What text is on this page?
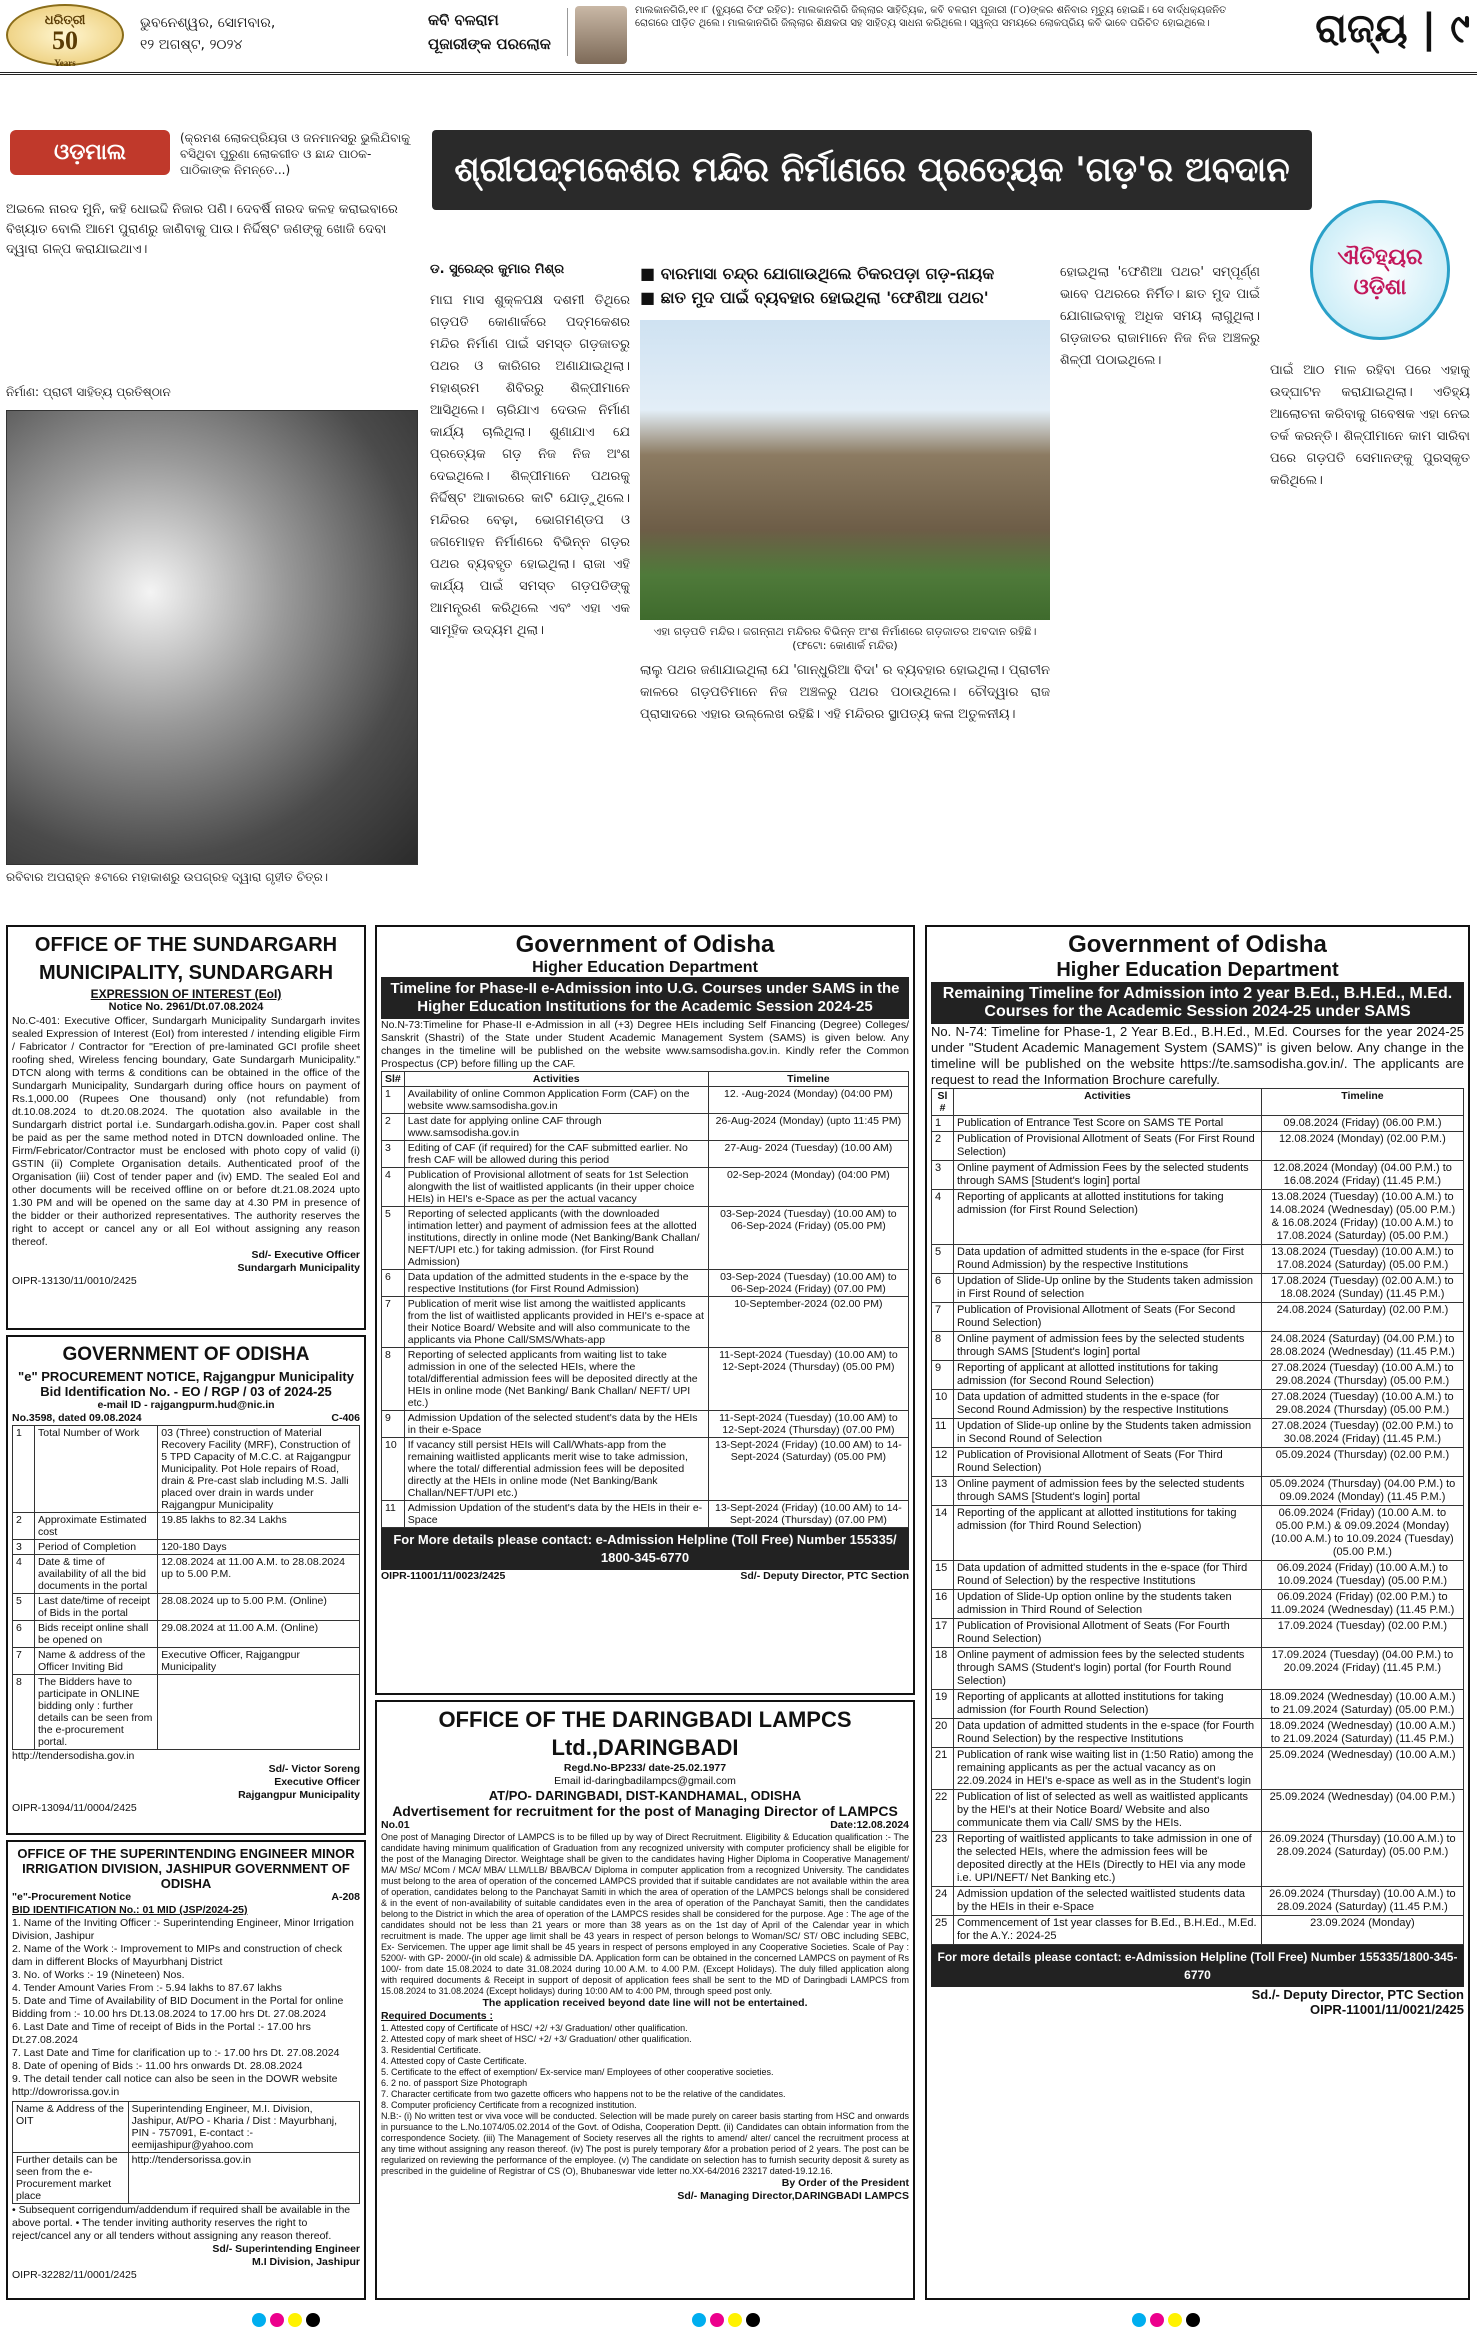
ଧରିତ୍ରୀ
50
Years
ଭୁବନେଶ୍ୱର, ସୋମବାର,
୧୨ ଅଗଷ୍ଟ, ୨୦୨୪
କବି ବଳରାମ ପୂଜାରୀଙ୍କ ପରଲୋକ
ମାଲକାନଗିରି,୧୧।୮ (ବ୍ୟୁରୋ ଚିଫ ରହିତ): ମାଲକାନଗିରି ଜିଲ୍ଲାର ସାହିତ୍ୟିକ, କବି ବଳରାମ ପୂଜାରୀ (୮୦)ଙ୍କର ଶନିବାର ମୃତ୍ୟୁ ହୋଇଛି। ସେ ବାର୍ଦ୍ଧକ୍ୟଜନିତ ରୋଗରେ ପୀଡ଼ିତ ଥିଲେ। ମାଲକାନଗିରି ଜିଲ୍ଲାର ଶିକ୍ଷକତା ସହ ସାହିତ୍ୟ ସାଧନା କରିଥିଲେ। ସ୍ୱଳ୍ପ ସମୟରେ ଲୋକପ୍ରିୟ କବି ଭାବେ ପରିଚିତ ହୋଇଥିଲେ।	ରାଜ୍ୟ | ୯
ଓଡ଼ମାଲ
(କ୍ରମଶ ଲୋକପ୍ରିୟତା ଓ ଜନମାନସରୁ ଭୁଲିଯିବାକୁ ବସିଥିବା ପୁରୁଣା ଲୋକଗୀତ ଓ ଛାନ୍ଦ ପାଠକ-ପାଠିକାଙ୍କ ନିମନ୍ତେ...)
ଅଇଲେ ନାରଦ ମୁନି, କହି ଧୋଇଦ୍ଦି ନିଜାର ପଣି। ଦେବର୍ଷି ନାରଦ କଳହ କରାଇବାରେ ବିଖ୍ୟାତ ବୋଲି ଆମେ ପୁରାଣରୁ ଜାଣିବାକୁ ପାଉ। ନିର୍ଦ୍ଦିଷ୍ଟ ଜଣଙ୍କୁ ଖୋଜି ଦେବା ଦ୍ୱାରା ଗଳ୍ପ କରାଯାଇଥାଏ।
ନିର୍ମାଣ: ପ୍ରାଚୀ ସାହିତ୍ୟ ପ୍ରତିଷ୍ଠାନ
ରବିବାର ଅପରାହ୍ନ ୫ଟାରେ ମହାକାଶରୁ ଉପଗ୍ରହ ଦ୍ୱାରା ଗୃହୀତ ଚିତ୍ର।
ଶ୍ରୀପଦ୍ମକେଶର ମନ୍ଦିର ନିର୍ମାଣରେ ପ୍ରତ୍ୟେକ 'ଗଡ଼'ର ଅବଦାନ ଥିଲା	ଐତିହ୍ୟର ଓଡ଼ିଶା
ଡ. ସୁରେନ୍ଦ୍ର କୁମାର ମିଶ୍ର	■ ବାରମାସା ଚନ୍ଦ୍ର ଯୋଗାଉଥିଲେ ଚିକରପଡ଼ା ଗଡ଼-ନାୟକ
■ ଛାତ ମୁଦ ପାଇଁ ବ୍ୟବହାର ହୋଇଥିଲା 'ଫେଣିଆ ପଥର'
ଏହା ଗଡ଼ପତି ମନ୍ଦିର। ଜଗନ୍ନାଥ ମନ୍ଦିରର ବିଭିନ୍ନ ଅଂଶ ନିର୍ମାଣରେ ଗଡ଼ଜାତର ଅବଦାନ ରହିଛି। (ଫଟୋ: କୋଣାର୍କ ମନ୍ଦିର)
ମାଘ ମାସ ଶୁକ୍ଳପକ୍ଷ ଦଶମୀ ତିଥିରେ ଗଡ଼ପତି କୋଣାର୍କରେ ପଦ୍ମକେଶର ମନ୍ଦିର ନିର୍ମାଣ ପାଇଁ ସମସ୍ତ ଗଡ଼ଜାତରୁ ପଥର ଓ କାରିଗର ଅଣାଯାଇଥିଲା। ମହାଶ୍ରମ ଶିବିରରୁ ଶିଳ୍ପୀମାନେ ଆସିଥିଲେ। ଚାରିଯାଏ ଦେଉଳ ନିର୍ମାଣ କାର୍ଯ୍ୟ ଚାଲିଥିଲା। ଶୁଣାଯାଏ ଯେ ପ୍ରତ୍ୟେକ ଗଡ଼ ନିଜ ନିଜ ଅଂଶ ଦେଇଥିଲେ। ଶିଳ୍ପୀମାନେ ପଥରକୁ ନିର୍ଦ୍ଦିଷ୍ଟ ଆକାରରେ କାଟି ଯୋଡ଼ୁଥିଲେ। ମନ୍ଦିରର ବେଢ଼ା, ଭୋଗମଣ୍ଡପ ଓ ଜଗମୋହନ ନିର୍ମାଣରେ ବିଭିନ୍ନ ଗଡ଼ର ପଥର ବ୍ୟବହୃତ ହୋଇଥିଲା। ରାଜା ଏହି କାର୍ଯ୍ୟ ପାଇଁ ସମସ୍ତ ଗଡ଼ପତିଙ୍କୁ ଆମନ୍ତ୍ରଣ କରିଥିଲେ ଏବଂ ଏହା ଏକ ସାମୂହିକ ଉଦ୍ୟମ ଥିଲା।
ଲାଲୁ ପଥର ଜଣାଯାଇଥିଲା ଯେ 'ଗାନ୍ଧୁରିଆ ବିଦା' ର ବ୍ୟବହାର ହୋଇଥିଲା। ପ୍ରାଚୀନ କାଳରେ ଗଡ଼ପତିମାନେ ନିଜ ଅଞ୍ଚଳରୁ ପଥର ପଠାଉଥିଲେ। ଚୌଦ୍ୱାର ରାଜ ପ୍ରାସାଦରେ ଏହାର ଉଲ୍ଲେଖ ରହିଛି। ଏହି ମନ୍ଦିରର ସ୍ଥାପତ୍ୟ କଳା ଅତୁଳନୀୟ।
ହୋଇଥିଲା 'ଫେଣିଆ ପଥର' ସମ୍ପୂର୍ଣ୍ଣ ଭାବେ ପଥରରେ ନିର୍ମିତ। ଛାତ ମୁଦ ପାଇଁ ଯୋଗାଇବାକୁ ଅଧିକ ସମୟ ଲାଗୁଥିଲା। ଗଡ଼ଜାତର ରାଜାମାନେ ନିଜ ନିଜ ଅଞ୍ଚଳରୁ ଶିଳ୍ପୀ ପଠାଇଥିଲେ।
ପାଇଁ ଆଠ ମାଳ ରହିବା ପରେ ଏହାକୁ ଉଦ୍‌ଘାଟନ କରାଯାଇଥିଲା। ଏତିହ୍ୟ ଆଲୋଚନା କରିବାକୁ ଗବେଷକ ଏହା ନେଇ ତର୍କ କରନ୍ତି। ଶିଳ୍ପୀମାନେ କାମ ସାରିବା ପରେ ଗଡ଼ପତି ସେମାନଙ୍କୁ ପୁରସ୍କୃତ କରିଥିଲେ।
OFFICE OF THE SUNDARGARH MUNICIPALITY, SUNDARGARH
EXPRESSION OF INTEREST (EoI)
Notice No. 2961/Dt.07.08.2024
No.C-401: Executive Officer, Sundargarh Municipality Sundargarh invites sealed Expression of Interest (EoI) from interested / intending eligible Firm / Fabricator / Contractor for "Erection of pre-laminated GCI profile sheet roofing shed, Wireless fencing boundary, Gate Sundargarh Municipality." DTCN along with terms & conditions can be obtained in the office of the Sundargarh Municipality, Sundargarh during office hours on payment of Rs.1,000.00 (Rupees One thousand) only (not refundable) from dt.10.08.2024 to dt.20.08.2024. The quotation also available in the Sundargarh district portal i.e. Sundargarh.odisha.gov.in. Paper cost shall be paid as per the same method noted in DTCN downloaded online. The Firm/Febricator/Contractor must be enclosed with photo copy of valid (i) GSTIN (ii) Complete Organisation details. Authenticated proof of the Organisation (iii) Cost of tender paper and (iv) EMD. The sealed EoI and other documents will be received offline on or before dt.21.08.2024 upto 1.30 PM and will be opened on the same day at 4.30 PM in presence of the bidder or their authorized representatives. The authority reserves the right to accept or cancel any or all EoI without assigning any reason thereof.
Sd/- Executive Officer
Sundargarh Municipality
OIPR-13130/11/0010/2425
GOVERNMENT OF ODISHA
"e" PROCUREMENT NOTICE, Rajgangpur Municipality
Bid Identification No. - EO / RGP / 03 of 2024-25
e-mail ID - rajgangpurm.hud@nic.in
No.3598, dated 09.08.2024	C-406
1	Total Number of Work	03 (Three) construction of Material Recovery Facility (MRF), Construction of 5 TPD Capacity of M.C.C. at Rajgangpur Municipality. Pot Hole repairs of Road, drain & Pre-cast slab including M.S. Jalli placed over drain in wards under Rajgangpur Municipality
2	Approximate Estimated cost	19.85 lakhs to 82.34 Lakhs
3	Period of Completion	120-180 Days
4	Date & time of availability of all the bid documents in the portal	12.08.2024 at 11.00 A.M. to 28.08.2024 up to 5.00 P.M.
5	Last date/time of receipt of Bids in the portal	28.08.2024 up to 5.00 P.M. (Online)
6	Bids receipt online shall be opened on	29.08.2024 at 11.00 A.M. (Online)
7	Name & address of the Officer Inviting Bid	Executive Officer, Rajgangpur Municipality
8	The Bidders have to participate in ONLINE bidding only : further details can be seen from the e-procurement portal.	
http://tendersodisha.gov.in
Sd/- Victor Soreng
Executive Officer
Rajgangpur Municipality
OIPR-13094/11/0004/2425
OFFICE OF THE SUPERINTENDING ENGINEER MINOR IRRIGATION DIVISION, JASHIPUR GOVERNMENT OF ODISHA
"e"-Procurement Notice	A-208
BID IDENTIFICATION No.: 01 MID (JSP/2024-25)
1. Name of the Inviting Officer :- Superintending Engineer, Minor Irrigation Division, Jashipur
2. Name of the Work :- Improvement to MIPs and construction of check dam in different Blocks of Mayurbhanj District
3. No. of Works :- 19 (Nineteen) Nos.
4. Tender Amount Varies From :- 5.94 lakhs to 87.67 lakhs
5. Date and Time of Availability of BID Document in the Portal for online Bidding from :- 10.00 hrs Dt.13.08.2024 to 17.00 hrs Dt. 27.08.2024
6. Last Date and Time of receipt of Bids in the Portal :- 17.00 hrs Dt.27.08.2024
7. Last Date and Time for clarification up to :- 17.00 hrs Dt. 27.08.2024
8. Date of opening of Bids :- 11.00 hrs onwards Dt. 28.08.2024
9. The detail tender call notice can also be seen in the DOWR website http://dowrorissa.gov.in
Name & Address of the OIT	Superintending Engineer, M.I. Division, Jashipur, At/PO - Kharia / Dist : Mayurbhanj, PIN - 757091, E-contact :- eemijashipur@yahoo.com
Further details can be seen from the e-Procurement market place	http://tendersorissa.gov.in
• Subsequent corrigendum/addendum if required shall be available in the above portal. • The tender inviting authority reserves the right to reject/cancel any or all tenders without assigning any reason thereof.
Sd/- Superintending Engineer
M.I Division, Jashipur
OIPR-32282/11/0001/2425
Government of Odisha
Higher Education Department
Timeline for Phase-II e-Admission into U.G. Courses under SAMS in the Higher Education Institutions for the Academic Session 2024-25
No.N-73:Timeline for Phase-II e-Admission in all (+3) Degree HEIs including Self Financing (Degree) Colleges/ Sanskrit (Shastri) of the State under Student Academic Management System (SAMS) is given below. Any changes in the timeline will be published on the website www.samsodisha.gov.in. Kindly refer the Common Prospectus (CP) before filling up the CAF.
Sl#	Activities	Timeline
1	Availability of online Common Application Form (CAF) on the website www.samsodisha.gov.in	12. -Aug-2024 (Monday) (04:00 PM)
2	Last date for applying online CAF through www.samsodisha.gov.in	26-Aug-2024 (Monday) (upto 11:45 PM)
3	Editing of CAF (if required) for the CAF submitted earlier. No fresh CAF will be allowed during this period	27-Aug- 2024 (Tuesday) (10.00 AM)
4	Publication of Provisional allotment of seats for 1st Selection alongwith the list of waitlisted applicants (in their upper choice HEIs) in HEI's e-Space as per the actual vacancy	02-Sep-2024 (Monday) (04:00 PM)
5	Reporting of selected applicants (with the downloaded intimation letter) and payment of admission fees at the allotted institutions, directly in online mode (Net Banking/Bank Challan/ NEFT/UPI etc.) for taking admission. (for First Round Admission)	03-Sep-2024 (Tuesday) (10.00 AM) to 06-Sep-2024 (Friday) (05.00 PM)
6	Data updation of the admitted students in the e-space by the respective Institutions (for First Round Admission)	03-Sep-2024 (Tuesday) (10.00 AM) to 06-Sep-2024 (Friday) (07.00 PM)
7	Publication of merit wise list among the waitlisted applicants from the list of waitlisted applicants provided in HEI's e-space at their Notice Board/ Website and will also communicate to the applicants via Phone Call/SMS/Whats-app	10-September-2024 (02.00 PM)
8	Reporting of selected applicants from waiting list to take admission in one of the selected HEIs, where the total/differential admission fees will be deposited directly at the HEIs in online mode (Net Banking/ Bank Challan/ NEFT/ UPI etc.)	11-Sept-2024 (Tuesday) (10.00 AM) to 12-Sept-2024 (Thursday) (05.00 PM)
9	Admission Updation of the selected student's data by the HEIs in their e-Space	11-Sept-2024 (Tuesday) (10.00 AM) to 12-Sept-2024 (Thursday) (07.00 PM)
10	If vacancy still persist HEIs will Call/Whats-app from the remaining waitlisted applicants merit wise to take admission, where the total/ differential admission fees will be deposited directly at the HEIs in online mode (Net Banking/Bank Challan/NEFT/UPI etc.)	13-Sept-2024 (Friday) (10.00 AM) to 14-Sept-2024 (Saturday) (05.00 PM)
11	Admission Updation of the student's data by the HEIs in their e-Space	13-Sept-2024 (Friday) (10.00 AM) to 14-Sept-2024 (Thursday) (07.00 PM)
For More details please contact: e-Admission Helpline (Toll Free) Number 155335/ 1800-345-6770
OIPR-11001/11/0023/2425	Sd/- Deputy Director, PTC Section
OFFICE OF THE DARINGBADI LAMPCS Ltd.,DARINGBADI
Regd.No-BP233/ date-25.02.1977
Email id-daringbadilampcs@gmail.com
AT/PO- DARINGBADI, DIST-KANDHAMAL, ODISHA
Advertisement for recruitment for the post of Managing Director of LAMPCS
No.01	Date:12.08.2024
One post of Managing Director of LAMPCS is to be filled up by way of Direct Recruitment. Eligibility & Education qualification :- The candidate having minimum qualification of Graduation from any recognized university with computer proficiency shall be eligible for the post of the Managing Director. Weightage shall be given to the candidates having Higher Diploma in Cooperative Management/ MA/ MSc/ MCom / MCA/ MBA/ LLM/LLB/ BBA/BCA/ Diploma in computer application from a recognized University. The candidates must belong to the area of operation of the concerned LAMPCS provided that if suitable candidates are not available within the area of operation, candidates belong to the Panchayat Samiti in which the area of operation of the LAMPCS belongs shall be considered & in the event of non-availability of suitable candidates even in the area of operation of the Panchayat Samiti, then the candidates belong to the District in which the area of operation of the LAMPCS resides shall be considered for the purpose. Age : The age of the candidates should not be less than 21 years or more than 38 years as on the 1st day of April of the Calendar year in which recruitment is made. The upper age limit shall be 43 years in respect of person belongs to Woman/SC/ ST/ OBC including SEBC, Ex- Servicemen. The upper age limit shall be 45 years in respect of persons employed in any Cooperative Societies. Scale of Pay : 5200/- with GP- 2000/-(in old scale) & admissible DA. Application form can be obtained in the concerned LAMPCS on payment of Rs 100/- from date 15.08.2024 to date 31.08.2024 during 10.00 A.M. to 4.00 P.M. (Except Holidays). The duly filled application along with required documents & Receipt in support of deposit of application fees shall be sent to the MD of Daringbadi LAMPCS from 15.08.2024 to 31.08.2024 (Except holidays) during 10:00 AM to 4:00 PM, through speed post only.
The application received beyond date line will not be entertained.
Required Documents :
1. Attested copy of Certificate of HSC/ +2/ +3/ Graduation/ other qualification.
2. Attested copy of mark sheet of HSC/ +2/ +3/ Graduation/ other qualification.
3. Residential Certificate.
4. Attested copy of Caste Certificate.
5. Certificate to the effect of exemption/ Ex-service man/ Employees of other cooperative societies.
6. 2 no. of passport Size Photograph
7. Character certificate from two gazette officers who happens not to be the relative of the candidates.
8. Computer proficiency Certificate from a recognized institution.
N.B:- (i) No written test or viva voce will be conducted. Selection will be made purely on career basis starting from HSC and onwards in pursuance to the L.No.1074/05.02.2014 of the Govt. of Odisha, Cooperation Deptt. (ii) Candidates can obtain information from the correspondence Society. (iii) The Management of Society reserves all the rights to amend/ alter/ cancel the recruitment process at any time without assigning any reason thereof. (iv) The post is purely temporary &for a probation period of 2 years. The post can be regularized on reviewing the performance of the employee. (v) The candidate on selection has to furnish security deposit & surety as prescribed in the guideline of Registrar of CS (O), Bhubaneswar vide letter no.XX-64/2016 23217 dated-19.12.16.
By Order of the President
Sd/- Managing Director,DARINGBADI LAMPCS
Government of Odisha
Higher Education Department
Remaining Timeline for Admission into 2 year B.Ed., B.H.Ed., M.Ed. Courses for the Academic Session 2024-25 under SAMS
No. N-74: Timeline for Phase-1, 2 Year B.Ed., B.H.Ed., M.Ed. Courses for the year 2024-25 under "Student Academic Management System (SAMS)" is given below. Any change in the timeline will be published on the website https://te.samsodisha.gov.in/. The applicants are request to read the Information Brochure carefully.
Sl #	Activities	Timeline
1	Publication of Entrance Test Score on SAMS TE Portal	09.08.2024 (Friday) (06.00 P.M.)
2	Publication of Provisional Allotment of Seats (For First Round Selection)	12.08.2024 (Monday) (02.00 P.M.)
3	Online payment of Admission Fees by the selected students through SAMS [Student's login] portal	12.08.2024 (Monday) (04.00 P.M.) to 16.08.2024 (Friday) (11.45 P.M.)
4	Reporting of applicants at allotted institutions for taking admission (for First Round Selection)	13.08.2024 (Tuesday) (10.00 A.M.) to 14.08.2024 (Wednesday) (05.00 P.M.) & 16.08.2024 (Friday) (10.00 A.M.) to 17.08.2024 (Saturday) (05.00 P.M.)
5	Data updation of admitted students in the e-space (for First Round Admission) by the respective Institutions	13.08.2024 (Tuesday) (10.00 A.M.) to 17.08.2024 (Saturday) (05.00 P.M.)
6	Updation of Slide-Up online by the Students taken admission in First Round of selection	17.08.2024 (Tuesday) (02.00 A.M.) to 18.08.2024 (Sunday) (11.45 P.M.)
7	Publication of Provisional Allotment of Seats (For Second Round Selection)	24.08.2024 (Saturday) (02.00 P.M.)
8	Online payment of admission fees by the selected students through SAMS [Student's login] portal	24.08.2024 (Saturday) (04.00 P.M.) to 28.08.2024 (Wednesday) (11.45 P.M.)
9	Reporting of applicant at allotted institutions for taking admission (for Second Round Selection)	27.08.2024 (Tuesday) (10.00 A.M.) to 29.08.2024 (Thursday) (05.00 P.M.)
10	Data updation of admitted students in the e-space (for Second Round Admission) by the respective Institutions	27.08.2024 (Tuesday) (10.00 A.M.) to 29.08.2024 (Thursday) (05.00 P.M.)
11	Updation of Slide-up online by the Students taken admission in Second Round of Selection	27.08.2024 (Tuesday) (02.00 P.M.) to 30.08.2024 (Friday) (11.45 P.M.)
12	Publication of Provisional Allotment of Seats (For Third Round Selection)	05.09.2024 (Thursday) (02.00 P.M.)
13	Online payment of admission fees by the selected students through SAMS [Student's login] portal	05.09.2024 (Thursday) (04.00 P.M.) to 09.09.2024 (Monday) (11.45 P.M.)
14	Reporting of the applicant at allotted institutions for taking admission (for Third Round Selection)	06.09.2024 (Friday) (10.00 A.M. to 05.00 P.M.) & 09.09.2024 (Monday) (10.00 A.M.) to 10.09.2024 (Tuesday) (05.00 P.M.)
15	Data updation of admitted students in the e-space (for Third Round of Selection) by the respective Institutions	06.09.2024 (Friday) (10.00 A.M.) to 10.09.2024 (Tuesday) (05.00 P.M.)
16	Updation of Slide-Up option online by the students taken admission in Third Round of Selection	06.09.2024 (Friday) (02.00 P.M.) to 11.09.2024 (Wednesday) (11.45 P.M.)
17	Publication of Provisional Allotment of Seats (For Fourth Round Selection)	17.09.2024 (Tuesday) (02.00 P.M.)
18	Online payment of admission fees by the selected students through SAMS (Student's login) portal (for Fourth Round Selection)	17.09.2024 (Tuesday) (04.00 P.M.) to 20.09.2024 (Friday) (11.45 P.M.)
19	Reporting of applicants at allotted institutions for taking admission (for Fourth Round Selection)	18.09.2024 (Wednesday) (10.00 A.M.) to 21.09.2024 (Saturday) (05.00 P.M.)
20	Data updation of admitted students in the e-space (for Fourth Round Selection) by the respective Institutions	18.09.2024 (Wednesday) (10.00 A.M.) to 21.09.2024 (Saturday) (11.45 P.M.)
21	Publication of rank wise waiting list in (1:50 Ratio) among the remaining applicants as per the actual vacancy as on 22.09.2024 in HEI's e-space as well as in the Student's login	25.09.2024 (Wednesday) (10.00 A.M.)
22	Publication of list of selected as well as waitlisted applicants by the HEI's at their Notice Board/ Website and also communicate them via Call/ SMS by the HEIs.	25.09.2024 (Wednesday) (04.00 P.M.)
23	Reporting of waitlisted applicants to take admission in one of the selected HEIs, where the admission fees will be deposited directly at the HEIs (Directly to HEI via any mode i.e. UPI/NEFT/ Net Banking etc.)	26.09.2024 (Thursday) (10.00 A.M.) to 28.09.2024 (Saturday) (05.00 P.M.)
24	Admission updation of the selected waitlisted students data by the HEIs in their e-Space	26.09.2024 (Thursday) (10.00 A.M.) to 28.09.2024 (Saturday) (11.45 P.M.)
25	Commencement of 1st year classes for B.Ed., B.H.Ed., M.Ed. for the A.Y.: 2024-25	23.09.2024 (Monday)
For more details please contact: e-Admission Helpline (Toll Free) Number 155335/1800-345-6770
Sd./- Deputy Director, PTC Section
OIPR-11001/11/0021/2425
